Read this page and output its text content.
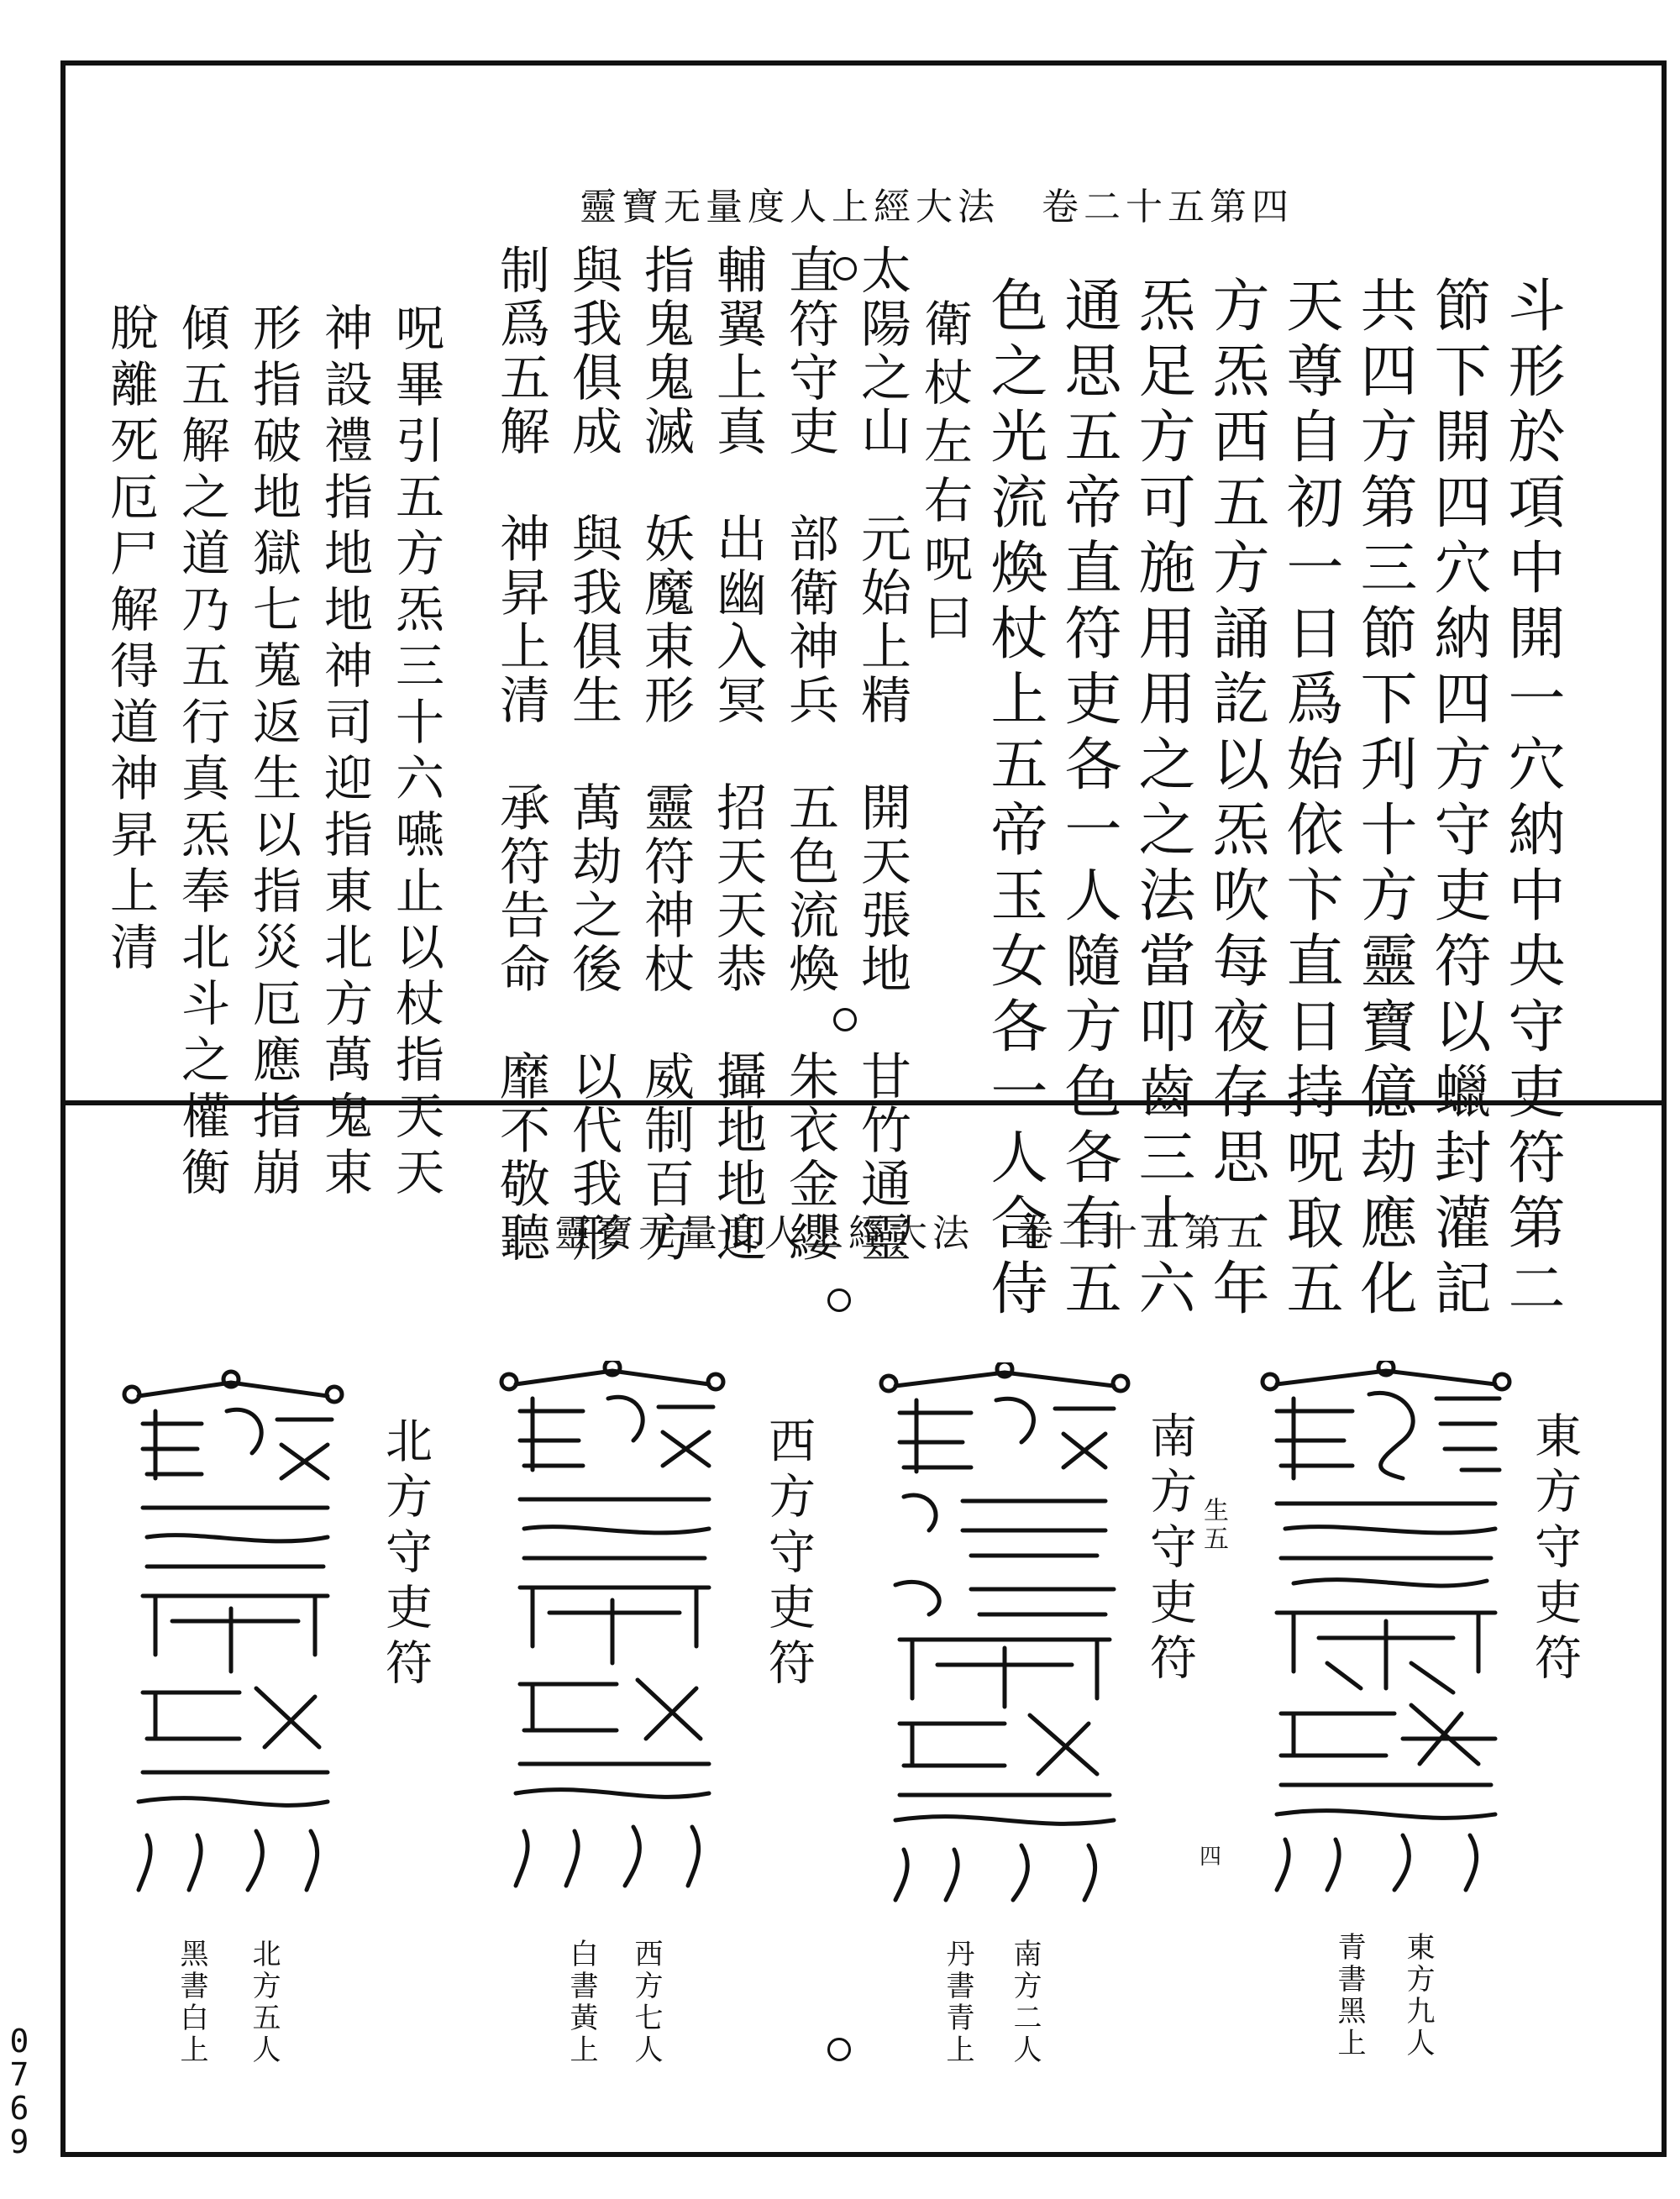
靈寶无量度人上經大法　卷二十五第四
斗形於項中開一穴納中央守吏符第二
節下開四穴納四方守吏符以蠟封灌記
共四方第三節下刋十方靈寶億劫應化
天尊自初一日爲始依卞直日持呪取五
方炁西五方誦訖以炁吹每夜存思一年
炁足方可施用用之之法當叩齒三十六
通思五帝直符吏各一人隨方色各有五
色之光流煥杖上五帝玉女各一人合侍
衛杖左右呪曰
太陽之山　元始上精　開天張地　甘竹通靈
直符守吏　部衛神兵　五色流煥　朱衣金纓
輔翼上真　出幽入冥　招天天恭　攝地地迎
指鬼鬼滅　妖魔束形　靈符神杖　威制百方
與我俱成　與我俱生　萬劫之後　以代我形
制爲五解　神昇上清　承符告命　靡不敬聽
呪畢引五方炁三十六嚥止以杖指天天
神設禮指地地神司迎指東北方萬鬼束
形指破地獄七蒐返生以指災厄應指崩
傾五解之道乃五行真炁奉北斗之權衡
脫離死厄尸解得道神昇上清
靈寶无量度人上經大法　卷二十五第五
東方守吏符
南方守吏符
西方守吏符
北方守吏符	生五
四
東方九人
青書黑上
南方二人
丹書青上
西方七人
白書黃上
北方五人
黑書白上
0
7
6
9
